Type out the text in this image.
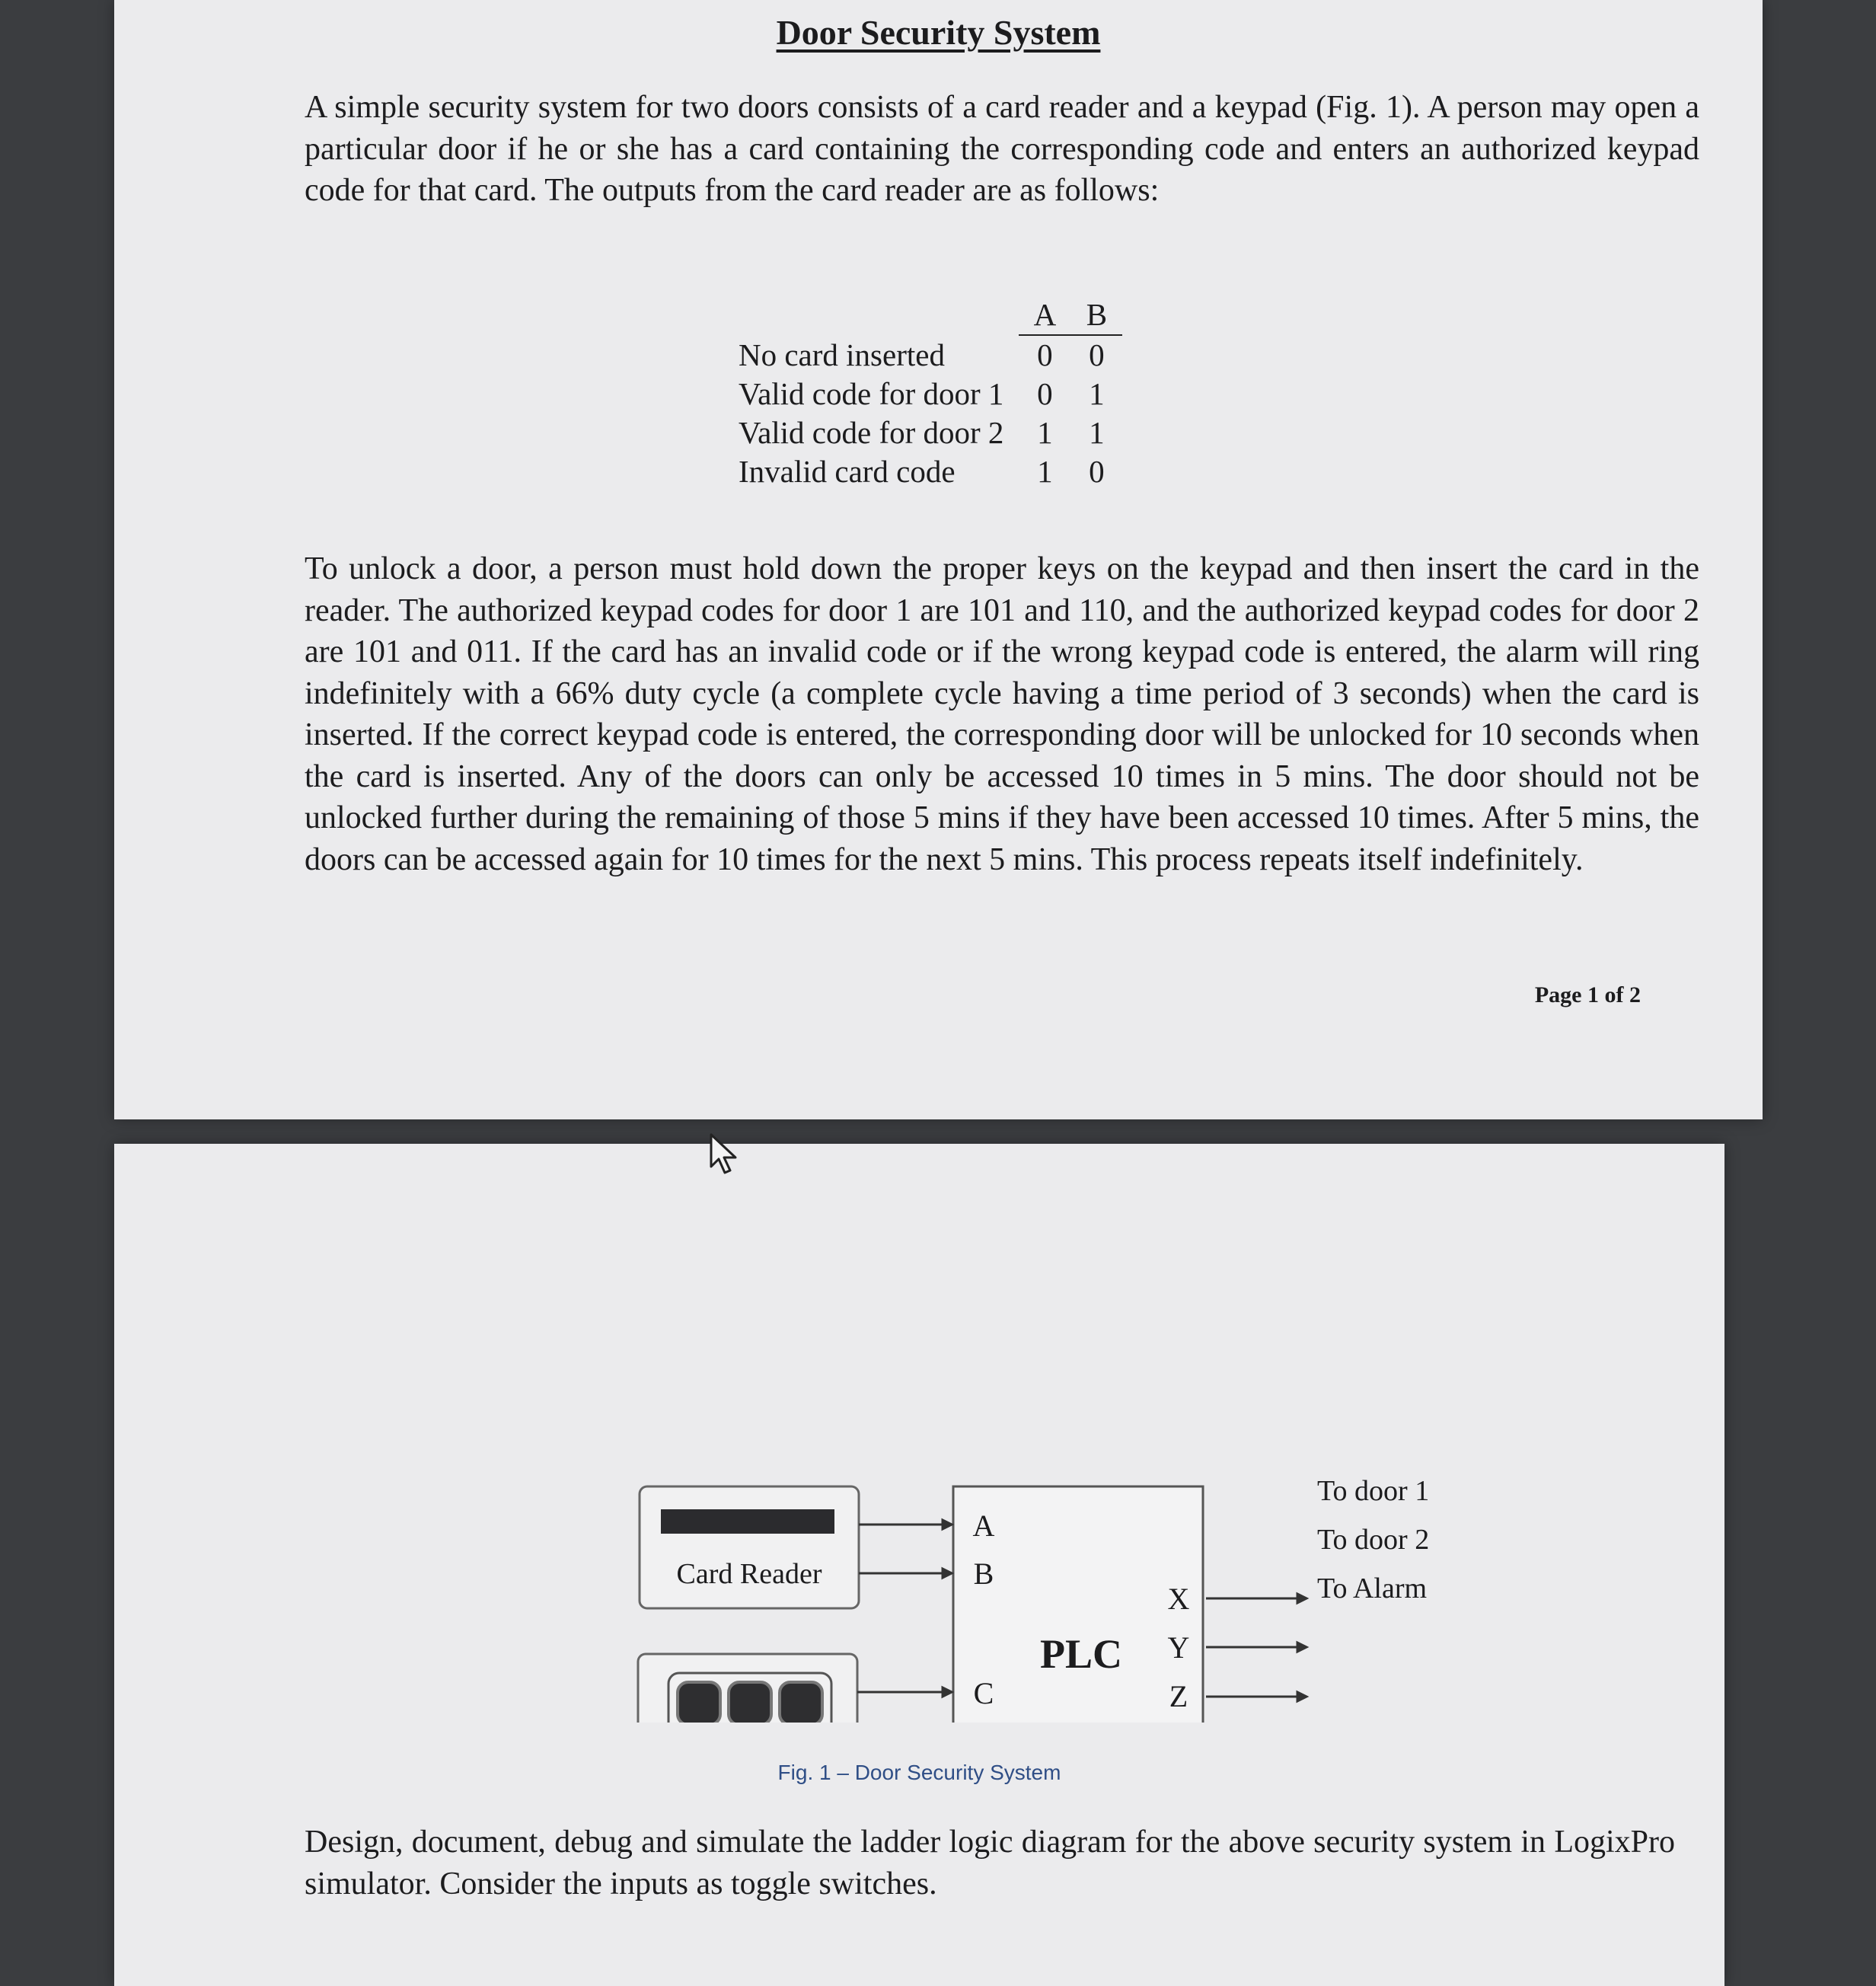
Door Security System

A simple security system for two doors consists of a card reader and a keypad (Fig. 1). A person may open a particular door if he or she has a card containing the corresponding code and enters an authorized keypad code for that card. The outputs from the card reader are as follows:

	A	B
No card inserted	0	0
Valid code for door 1	0	1
Valid code for door 2	1	1
Invalid card code	1	0

To unlock a door, a person must hold down the proper keys on the keypad and then insert the card in the reader. The authorized keypad codes for door 1 are 101 and 110, and the authorized keypad codes for door 2 are 101 and 011. If the card has an invalid code or if the wrong keypad code is entered, the alarm will ring indefinitely with a 66% duty cycle (a complete cycle having a time period of 3 seconds) when the card is inserted. If the correct keypad code is entered, the corresponding door will be unlocked for 10 seconds when the card is inserted. Any of the doors can only be accessed 10 times in 5 mins. The door should not be unlocked further during the remaining of those 5 mins if they have been accessed 10 times. After 5 mins, the doors can be accessed again for 10 times for the next 5 mins. This process repeats itself indefinitely.

Page 1 of 2
Card Reader
PLC
A
B
C
X
Y
Z
To door 1
To door 2
To Alarm
Fig. 1 – Door Security System

Design, document, debug and simulate the ladder logic diagram for the above security system in LogixPro simulator. Consider the inputs as toggle switches.
